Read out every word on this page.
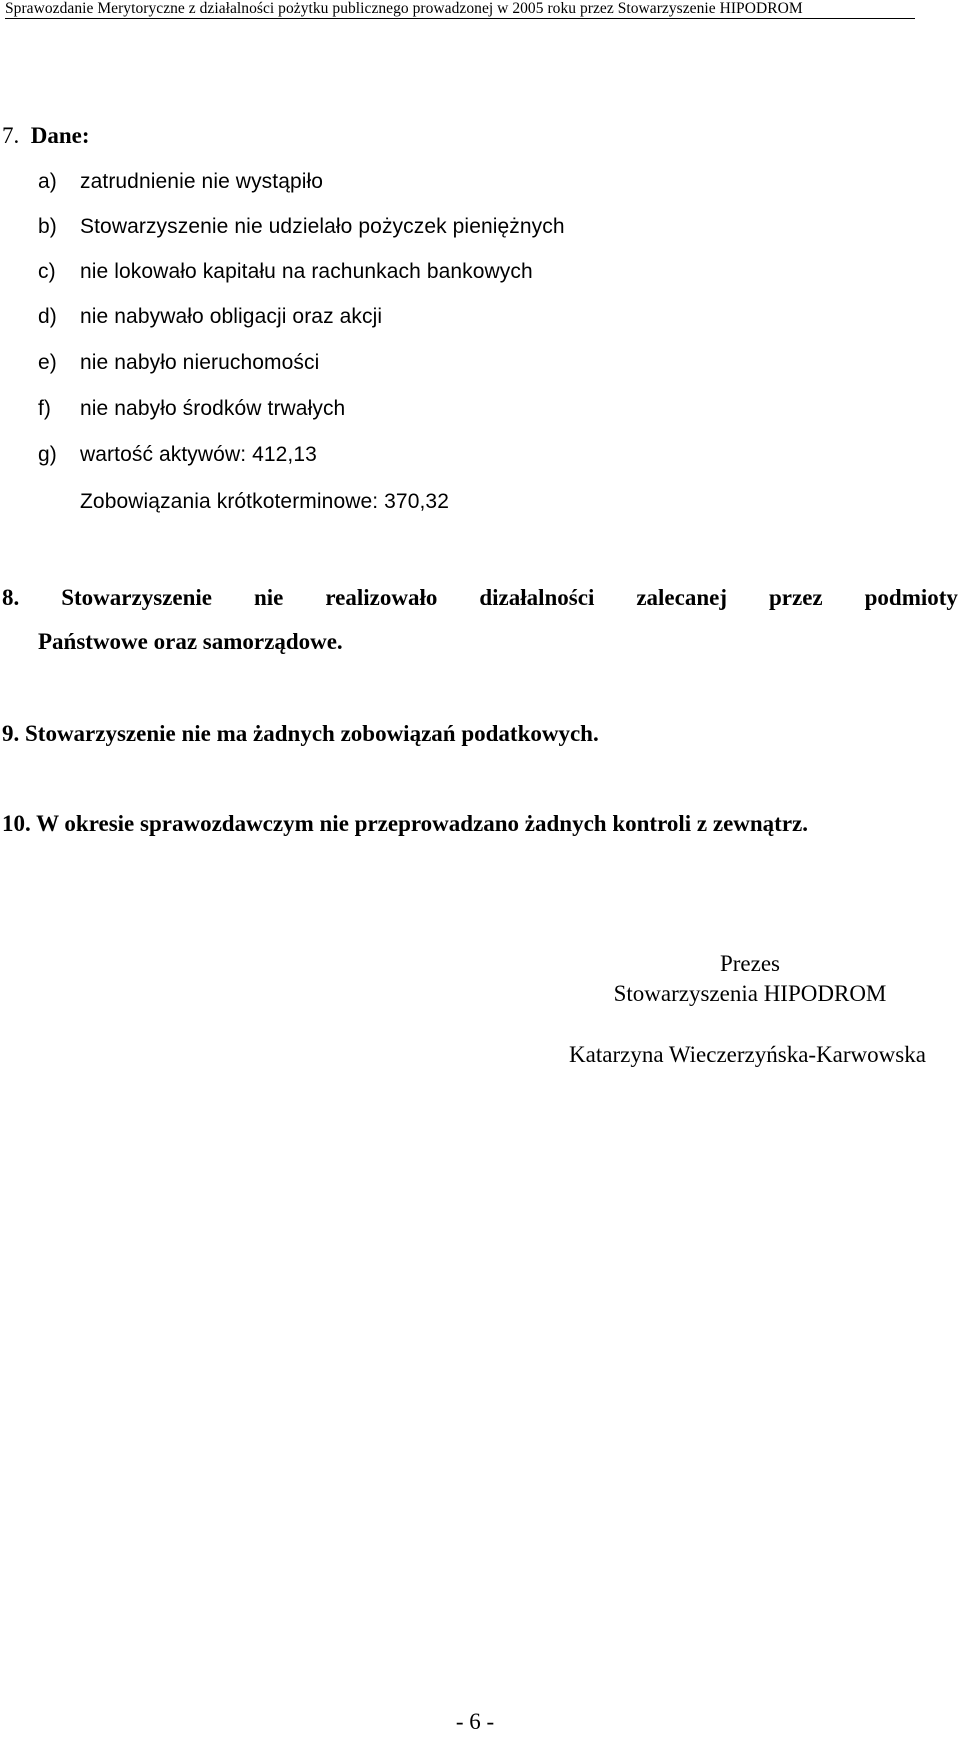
Sprawozdanie Merytoryczne z działalności pożytku publicznego prowadzonej w 2005 roku przez Stowarzyszenie HIPODROM
7. Dane:
a) zatrudnienie nie wystąpiło
b) Stowarzyszenie nie udzielało pożyczek pieniężnych
c) nie lokowało kapitału na rachunkach bankowych
d) nie nabywało obligacji oraz akcji
e) nie nabyło nieruchomości
f) nie nabyło środków trwałych
g) wartość aktywów: 412,13
Zobowiązania krótkoterminowe: 370,32
8. Stowarzyszenie nie realizowało dizałalności zalecanej przez podmioty
Państwowe oraz samorządowe.
9. Stowarzyszenie nie ma żadnych zobowiązań podatkowych.
10. W okresie sprawozdawczym nie przeprowadzano żadnych kontroli z zewnątrz.
Prezes
Stowarzyszenia HIPODROM
Katarzyna Wieczerzyńska-Karwowska
- 6 -
